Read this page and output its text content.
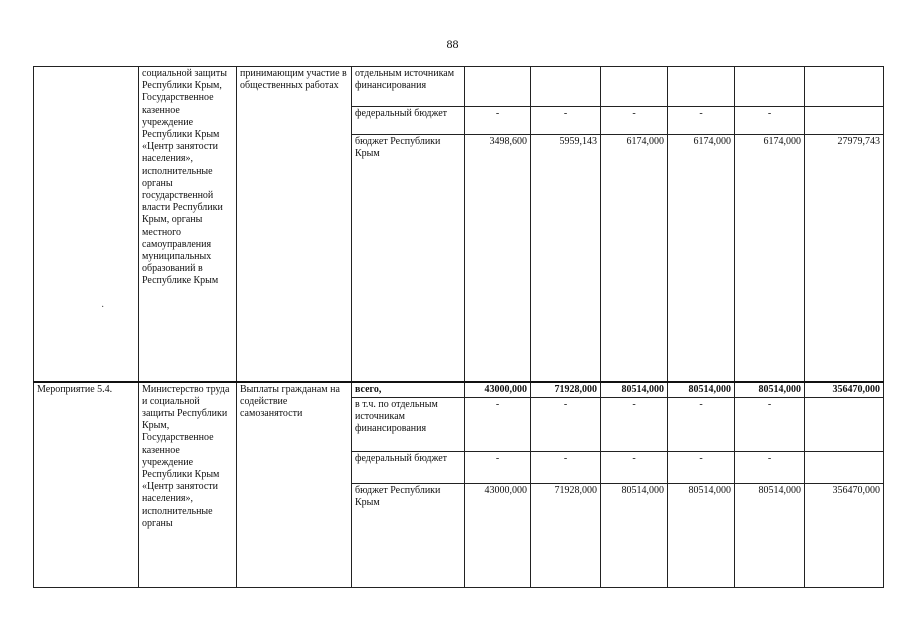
88
	социальной защиты Республики Крым, Государственное казенное учреждение Республики Крым «Центр занятости населения», исполнительные органы государственной власти Республики Крым, органы местного самоуправления муниципальных образований в Республике Крым	принимающим участие в общественных работах	отдельным источникам финансирования						
			федеральный бюджет	-	-	-	-	-	
			бюджет Республики Крым	3498,600	5959,143	6174,000	6174,000	6174,000	27979,743
Мероприятие 5.4.	Министерство труда и социальной защиты Республики Крым, Государственное казенное учреждение Республики Крым «Центр занятости населения», исполнительные органы	Выплаты гражданам на содействие самозанятости	всего,	43000,000	71928,000	80514,000	80514,000	80514,000	356470,000
			в т.ч. по отдельным источникам финансирования	-	-	-	-	-	
			федеральный бюджет	-	-	-	-	-	
			бюджет Республики Крым	43000,000	71928,000	80514,000	80514,000	80514,000	356470,000
·
